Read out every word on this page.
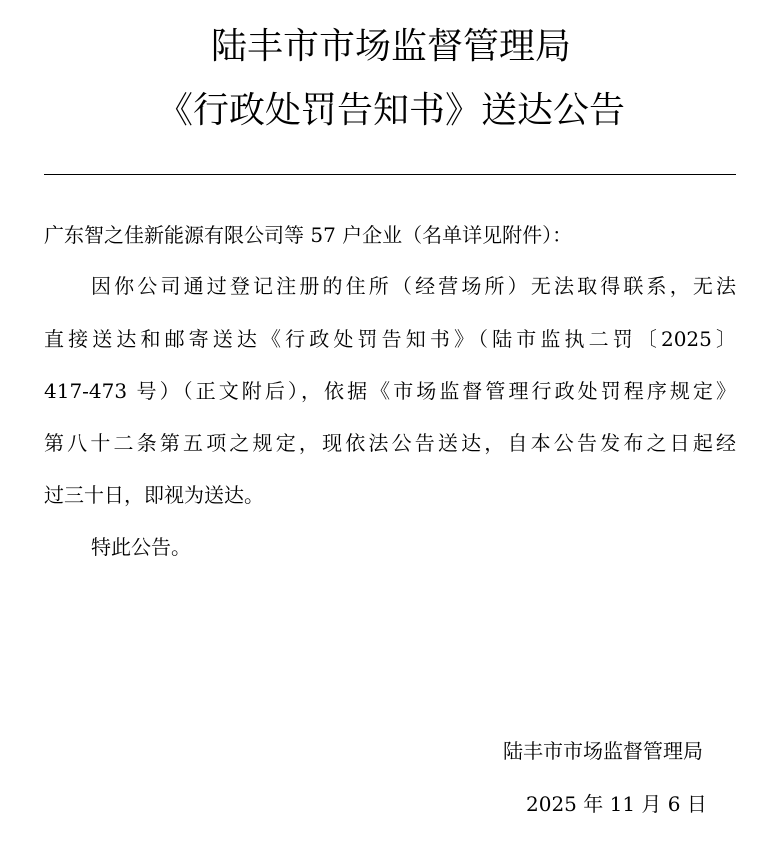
陆丰市市场监督管理局
《行政处罚告知书》送达公告
广东智之佳新能源有限公司等 57 户企业（名单详见附件）：
因你公司通过登记注册的住所（经营场所）无法取得联系，无法
直接送达和邮寄送达《行政处罚告知书》（陆市监执二罚〔2025〕
417-473 号）（正文附后），依据《市场监督管理行政处罚程序规定》
第八十二条第五项之规定，现依法公告送达，自本公告发布之日起经
过三十日，即视为送达。
特此公告。
陆丰市市场监督管理局
2025 年 11 月 6 日
